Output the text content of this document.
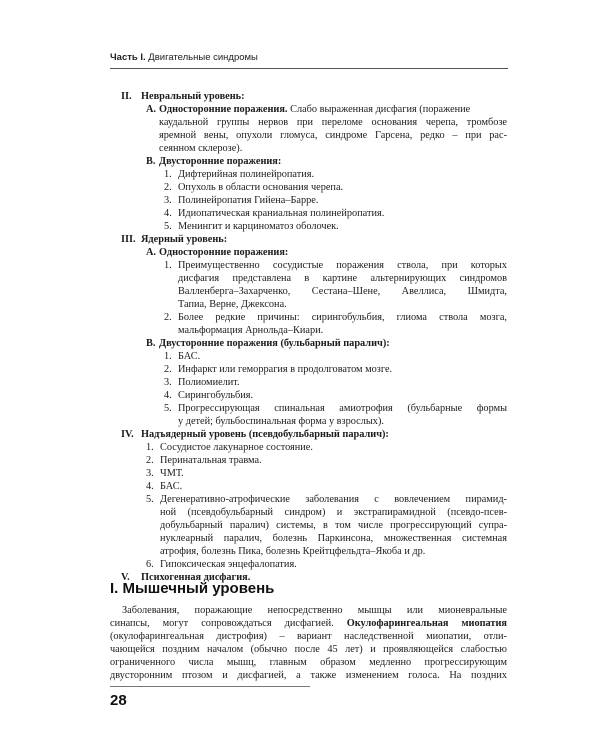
Часть I. Двигательные синдромы
II. Невральный уровень:
A. Односторонние поражения. Слабо выраженная дисфагия (поражение
каудальной группы нервов при переломе основания черепа, тромбозе
яремной вены, опухоли гломуса, синдроме Гарсена, редко – при рас-
сеянном склерозе).
B. Двусторонние поражения:
1. Дифтерийная полинейропатия.
2. Опухоль в области основания черепа.
3. Полинейропатия Гийена–Барре.
4. Идиопатическая краниальная полинейропатия.
5. Менингит и карциноматоз оболочек.
III. Ядерный уровень:
A. Односторонние поражения:
1. Преимущественно сосудистые поражения ствола, при которых
дисфагия представлена в картине альтернирующих синдромов
Валленберга–Захарченко, Сестана–Шене, Авеллиса, Шмидта,
Тапиа, Верне, Джексона.
2. Более редкие причины: сирингобульбия, глиома ствола мозга,
мальформация Арнольда–Киари.
B. Двусторонние поражения (бульбарный паралич):
1. БАС.
2. Инфаркт или геморрагия в продолговатом мозге.
3. Полиомиелит.
4. Сирингобульбия.
5. Прогрессирующая спинальная амиотрофия (бульбарные формы
у детей; бульбоспинальная форма у взрослых).
IV. Надъядерный уровень (псевдобульбарный паралич):
1. Сосудистое лакунарное состояние.
2. Перинатальная травма.
3. ЧМТ.
4. БАС.
5. Дегенеративно-атрофические заболевания с вовлечением пирамид-
ной (псевдобульбарный синдром) и экстрапирамидной (псевдо-псев-
добульбарный паралич) системы, в том числе прогрессирующий супра-
нуклеарный паралич, болезнь Паркинсона, множественная системная
атрофия, болезнь Пика, болезнь Крейтцфельдта–Якоба и др.
6. Гипоксическая энцефалопатия.
V. Психогенная дисфагия.
I. Мышечный уровень
Заболевания, поражающие непосредственно мышцы или мионевральные
синапсы, могут сопровождаться дисфагией. Окулофарингеальная миопатия
(окулофарингеальная дистрофия) – вариант наследственной миопатии, отли-
чающейся поздним началом (обычно после 45 лет) и проявляющейся слабостью
ограниченного числа мышц, главным образом медленно прогрессирующим
двусторонним птозом и дисфагией, а также изменением голоса. На поздних
28
